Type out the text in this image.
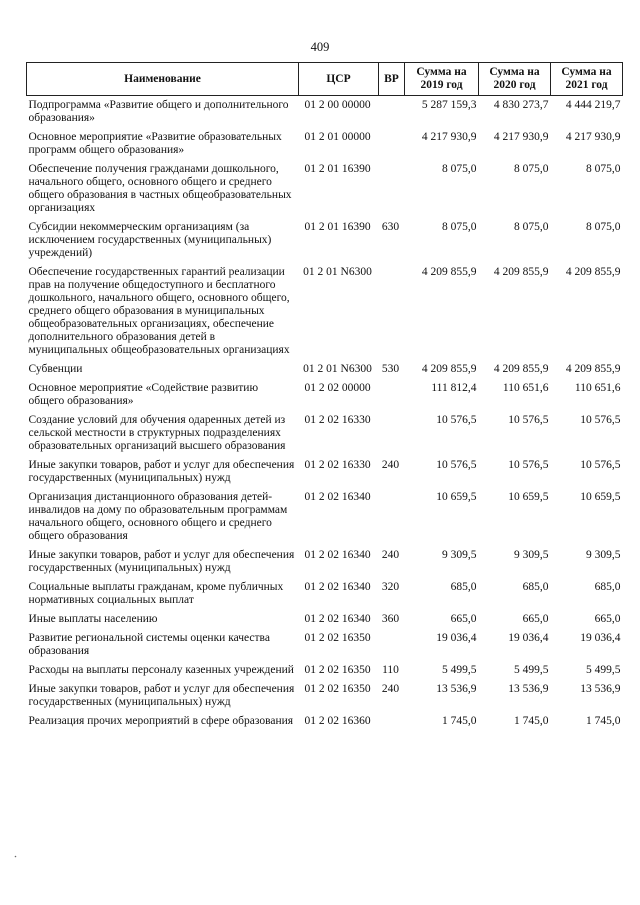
409
Наименование	ЦСР	ВР	Сумма на 2019 год	Сумма на 2020 год	Сумма на 2021 год
Подпрограмма «Развитие общего и дополнительного образования»	01 2 00 00000		5 287 159,3	4 830 273,7	4 444 219,7
Основное мероприятие «Развитие образовательных программ общего образования»	01 2 01 00000		4 217 930,9	4 217 930,9	4 217 930,9
Обеспечение получения гражданами дошкольного, начального общего, основного общего и среднего общего образования в частных общеобразовательных организациях	01 2 01 16390		8 075,0	8 075,0	8 075,0
Субсидии некоммерческим организациям (за исключением государственных (муниципальных) учреждений)	01 2 01 16390	630	8 075,0	8 075,0	8 075,0
Обеспечение государственных гарантий реализации прав на получение общедоступного и бесплатного дошкольного, начального общего, основного общего, среднего общего образования в муниципальных общеобразовательных организациях, обеспечение дополнительного образования детей в муниципальных общеобразовательных организациях	01 2 01 N6300		4 209 855,9	4 209 855,9	4 209 855,9
Субвенции	01 2 01 N6300	530	4 209 855,9	4 209 855,9	4 209 855,9
Основное мероприятие «Содействие развитию общего образования»	01 2 02 00000		111 812,4	110 651,6	110 651,6
Создание условий для обучения одаренных детей из сельской местности в структурных подразделениях образовательных организаций высшего образования	01 2 02 16330		10 576,5	10 576,5	10 576,5
Иные закупки товаров, работ и услуг для обеспечения государственных (муниципальных) нужд	01 2 02 16330	240	10 576,5	10 576,5	10 576,5
Организация дистанционного образования детей-инвалидов на дому по образовательным программам начального общего, основного общего и среднего общего образования	01 2 02 16340		10 659,5	10 659,5	10 659,5
Иные закупки товаров, работ и услуг для обеспечения государственных (муниципальных) нужд	01 2 02 16340	240	9 309,5	9 309,5	9 309,5
Социальные выплаты гражданам, кроме публичных нормативных социальных выплат	01 2 02 16340	320	685,0	685,0	685,0
Иные выплаты населению	01 2 02 16340	360	665,0	665,0	665,0
Развитие региональной системы оценки качества образования	01 2 02 16350		19 036,4	19 036,4	19 036,4
Расходы на выплаты персоналу казенных учреждений	01 2 02 16350	110	5 499,5	5 499,5	5 499,5
Иные закупки товаров, работ и услуг для обеспечения государственных (муниципальных) нужд	01 2 02 16350	240	13 536,9	13 536,9	13 536,9
Реализация прочих мероприятий в сфере образования	01 2 02 16360		1 745,0	1 745,0	1 745,0
